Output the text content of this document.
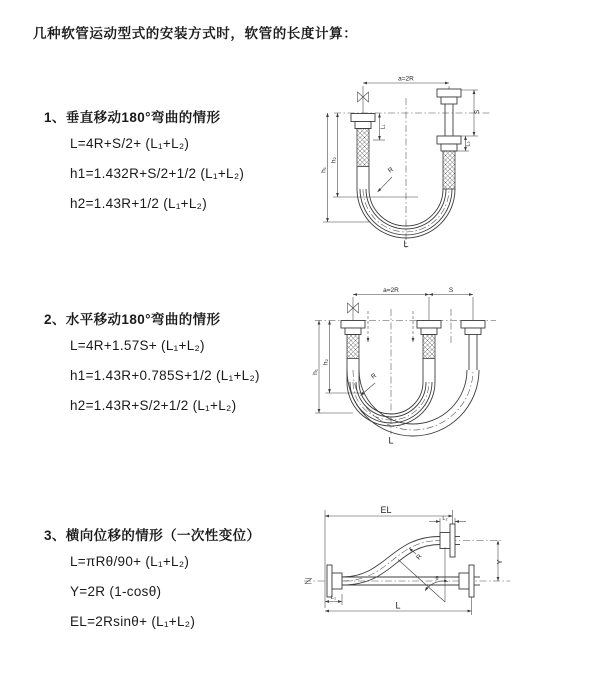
几种软管运动型式的安装方式时，软管的长度计算：
1、垂直移动180°弯曲的情形
L=4R+S/2+ (L₁+L₂)
h1=1.432R+S/2+1/2 (L₁+L₂)
h2=1.43R+1/2 (L₁+L₂)
2、水平移动180°弯曲的情形
L=4R+1.57S+ (L₁+L₂)
h1=1.43R+0.785S+1/2 (L₁+L₂)
h2=1.43R+S/2+1/2 (L₁+L₂)
3、横向位移的情形（一次性变位）
L=πRθ/90+ (L₁+L₂)
Y=2R (1-cosθ)
EL=2Rsinθ+ (L₁+L₂)
a=2R
R
h₁
h₂
L₁
S
L₂
L
a=2R	S
h₁
h₂
R
L
EL
L₂
Y
θ
R
L
L₁
